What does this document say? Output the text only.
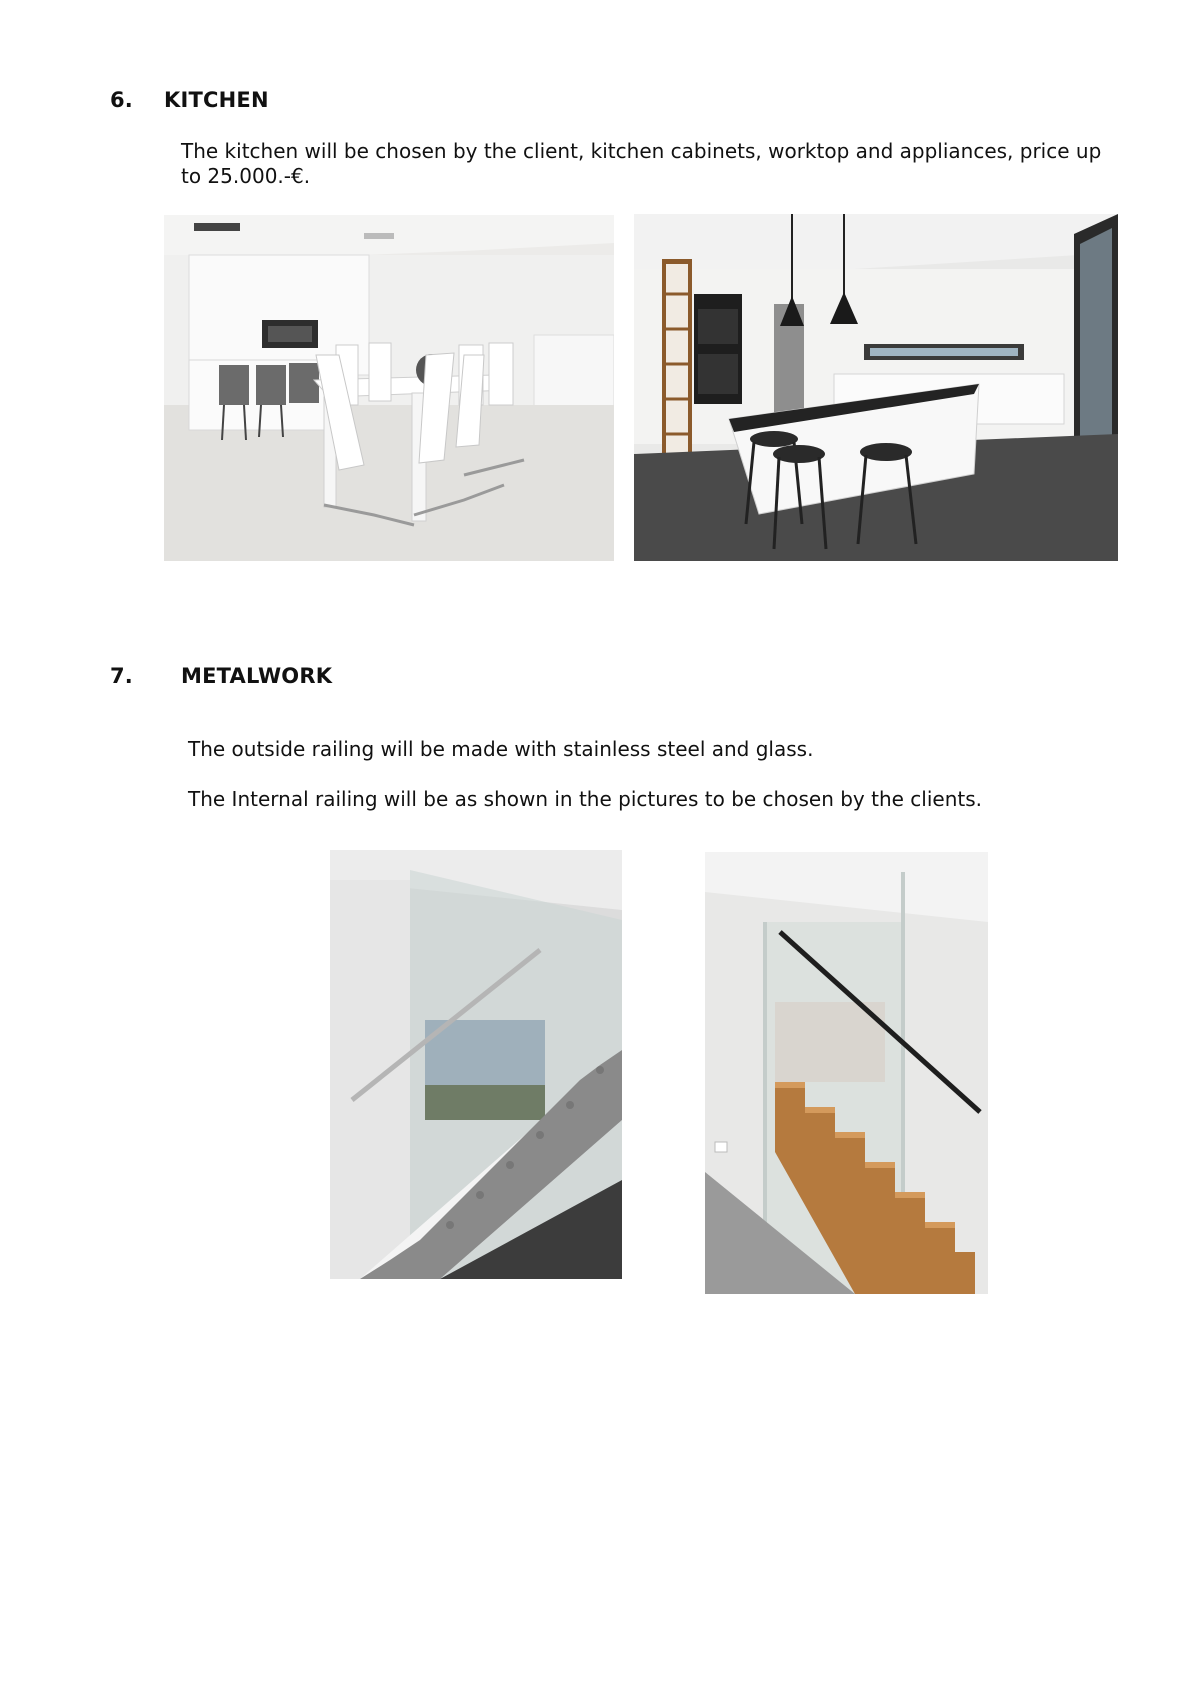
6. KITCHEN
The kitchen will be chosen by the client, kitchen cabinets, worktop and appliances, price up to 25.000.-€.
7. METALWORK
The outside railing will be made with stainless steel and glass.
The Internal railing will be as shown in the pictures to be chosen by the clients.
